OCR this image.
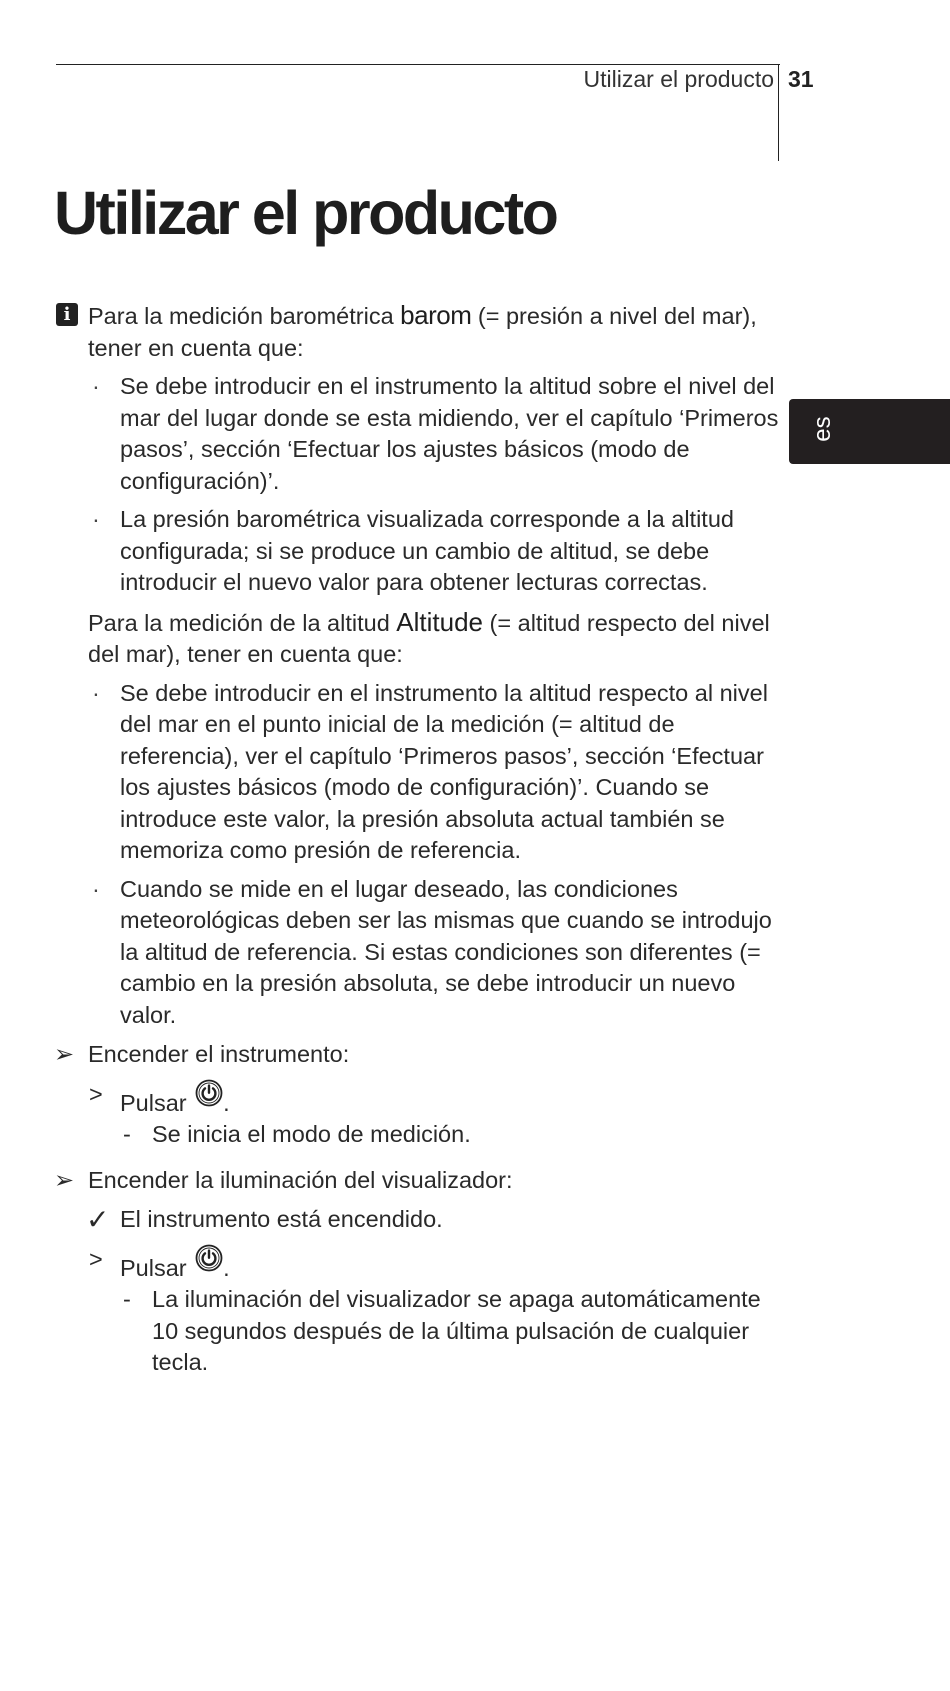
Utilizar el producto 31
Utilizar el producto
es

i Para la medición barométrica barom (= presión a nivel del mar), tener en cuenta que:

· Se debe introducir en el instrumento la altitud sobre el nivel del mar del lugar donde se esta midiendo, ver el capítulo ‘Primeros pasos’, sección ‘Efectuar los ajustes básicos (modo de configuración)’.

· La presión barométrica visualizada corresponde a la altitud configurada; si se produce un cambio de altitud, se debe introducir el nuevo valor para obtener lecturas correctas.

Para la medición de la altitud Altitude (= altitud respecto del nivel del mar), tener en cuenta que:

· Se debe introducir en el instrumento la altitud respecto al nivel del mar en el punto inicial de la medición (= altitud de referencia), ver el capítulo ‘Primeros pasos’, sección ‘Efectuar los ajustes básicos (modo de configuración)’. Cuando se introduce este valor, la presión absoluta actual también se memoriza como presión de referencia.

· Cuando se mide en el lugar deseado, las condiciones meteorológicas deben ser las mismas que cuando se introdujo la altitud de referencia. Si estas condiciones son diferentes (= cambio en la presión absoluta, se debe introducir un nuevo valor.

➢ Encender el instrumento:

> Pulsar .

- Se inicia el modo de medición.

➢ Encender la iluminación del visualizador:

✓ El instrumento está encendido.

> Pulsar .

- La iluminación del visualizador se apaga automáticamente 10 segundos después de la última pulsación de cualquier tecla.
